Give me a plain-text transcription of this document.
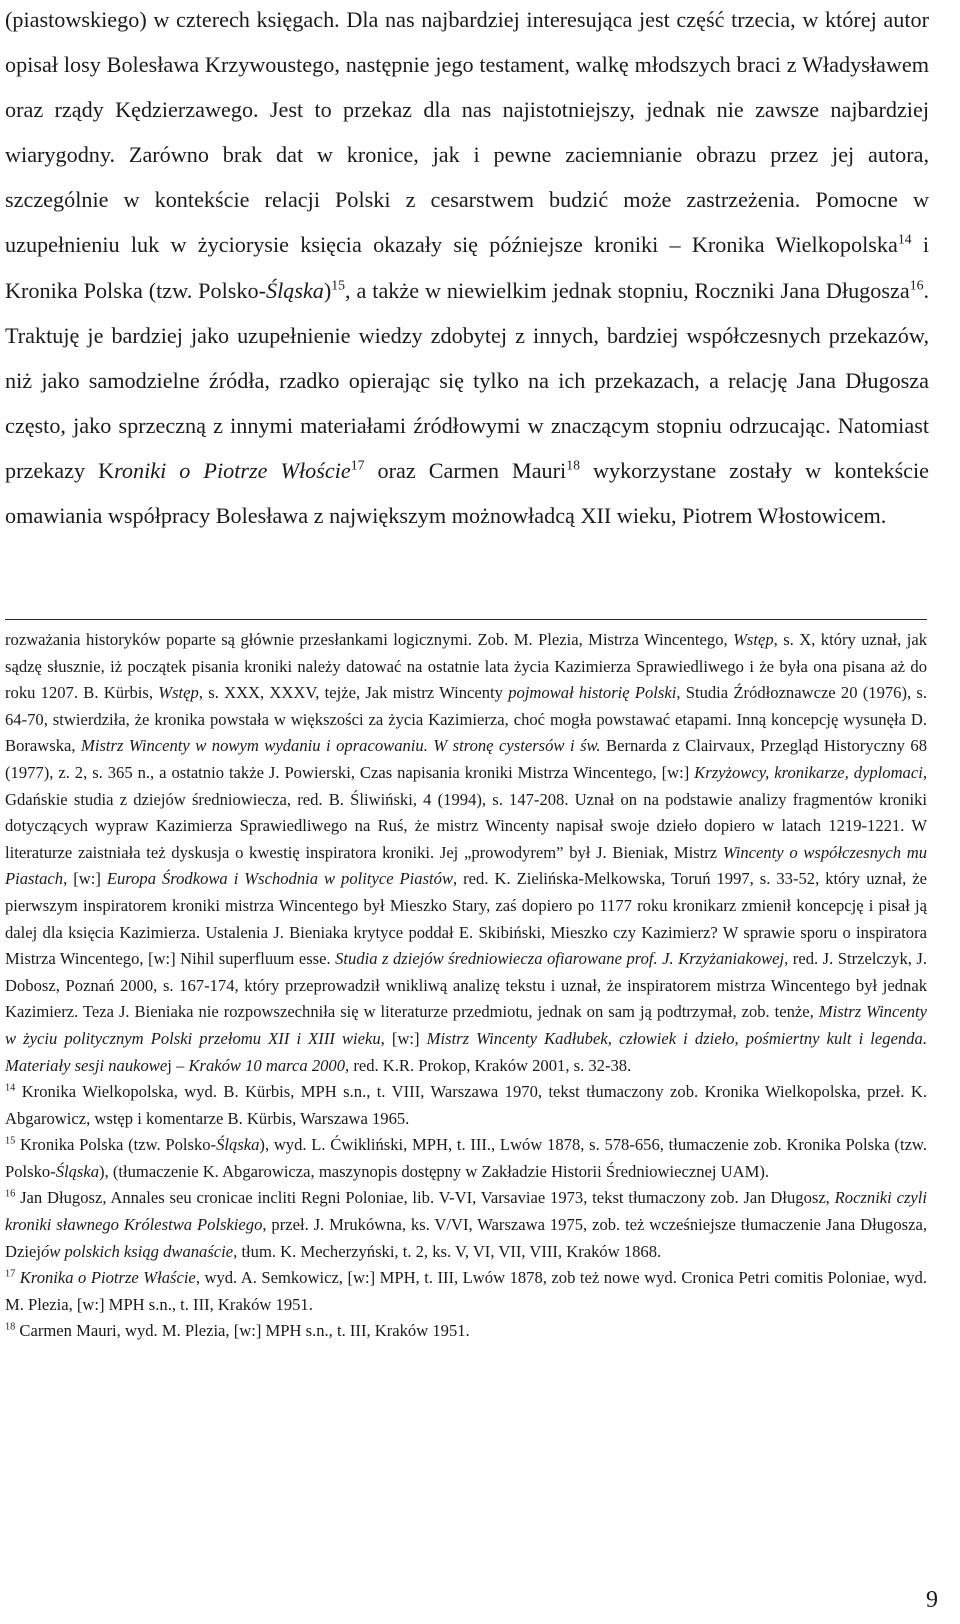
(piastowskiego) w czterech księgach. Dla nas najbardziej interesująca jest część trzecia, w której autor opisał losy Bolesława Krzywoustego, następnie jego testament, walkę młodszych braci z Władysławem oraz rządy Kędzierzawego. Jest to przekaz dla nas najistotniejszy, jednak nie zawsze najbardziej wiarygodny. Zarówno brak dat w kronice, jak i pewne zaciemnianie obrazu przez jej autora, szczególnie w kontekście relacji Polski z cesarstwem budzić może zastrzeżenia. Pomocne w uzupełnieniu luk w życiorysie księcia okazały się późniejsze kroniki – Kronika Wielkopolska$^{14}$ i Kronika Polska (tzw. Polsko-Śląska)$^{15}$, a także w niewielkim jednak stopniu, Roczniki Jana Długosza$^{16}$. Traktuję je bardziej jako uzupełnienie wiedzy zdobytej z innych, bardziej współczesnych przekazów, niż jako samodzielne źródła, rzadko opierając się tylko na ich przekazach, a relację Jana Długosza często, jako sprzeczną z innymi materiałami źródłowymi w znaczącym stopniu odrzucając. Natomiast przekazy Kroniki o Piotrze Włoście$^{17}$ oraz Carmen Mauri$^{18}$ wykorzystane zostały w kontekście omawiania współpracy Bolesława z największym możnowładcą XII wieku, Piotrem Włostowicem.

rozważania historyków poparte są głównie przesłankami logicznymi. Zob. M. Plezia, Mistrza Wincentego, Wstęp, s. X, który uznał, jak sądzę słusznie, iż początek pisania kroniki należy datować na ostatnie lata życia Kazimierza Sprawiedliwego i że była ona pisana aż do roku 1207. B. Kürbis, Wstęp, s. XXX, XXXV, tejże, Jak mistrz Wincenty pojmował historię Polski, Studia Źródłoznawcze 20 (1976), s. 64-70, stwierdziła, że kronika powstała w większości za życia Kazimierza, choć mogła powstawać etapami. Inną koncepcję wysunęła D. Borawska, Mistrz Wincenty w nowym wydaniu i opracowaniu. W stronę cystersów i św. Bernarda z Clairvaux, Przegląd Historyczny 68 (1977), z. 2, s. 365 n., a ostatnio także J. Powierski, Czas napisania kroniki Mistrza Wincentego, [w:] Krzyżowcy, kronikarze, dyplomaci, Gdańskie studia z dziejów średniowiecza, red. B. Śliwiński, 4 (1994), s. 147-208. Uznał on na podstawie analizy fragmentów kroniki dotyczących wypraw Kazimierza Sprawiedliwego na Ruś, że mistrz Wincenty napisał swoje dzieło dopiero w latach 1219-1221. W literaturze zaistniała też dyskusja o kwestię inspiratora kroniki. Jej „prowodyrem” był J. Bieniak, Mistrz Wincenty o współczesnych mu Piastach, [w:] Europa Środkowa i Wschodnia w polityce Piastów, red. K. Zielińska-Melkowska, Toruń 1997, s. 33-52, który uznał, że pierwszym inspiratorem kroniki mistrza Wincentego był Mieszko Stary, zaś dopiero po 1177 roku kronikarz zmienił koncepcję i pisał ją dalej dla księcia Kazimierza. Ustalenia J. Bieniaka krytyce poddał E. Skibiński, Mieszko czy Kazimierz? W sprawie sporu o inspiratora Mistrza Wincentego, [w:] Nihil superfluum esse. Studia z dziejów średniowiecza ofiarowane prof. J. Krzyżaniakowej, red. J. Strzelczyk, J. Dobosz, Poznań 2000, s. 167-174, który przeprowadził wnikliwą analizę tekstu i uznał, że inspiratorem mistrza Wincentego był jednak Kazimierz. Teza J. Bieniaka nie rozpowszechniła się w literaturze przedmiotu, jednak on sam ją podtrzymał, zob. tenże, Mistrz Wincenty w życiu politycznym Polski przełomu XII i XIII wieku, [w:] Mistrz Wincenty Kadłubek, człowiek i dzieło, pośmiertny kult i legenda. Materiały sesji naukowej – Kraków 10 marca 2000, red. K.R. Prokop, Kraków 2001, s. 32-38.

$^{14}$ Kronika Wielkopolska, wyd. B. Kürbis, MPH s.n., t. VIII, Warszawa 1970, tekst tłumaczony zob. Kronika Wielkopolska, przeł. K. Abgarowicz, wstęp i komentarze B. Kürbis, Warszawa 1965.

$^{15}$ Kronika Polska (tzw. Polsko-Śląska), wyd. L. Ćwikliński, MPH, t. III., Lwów 1878, s. 578-656, tłumaczenie zob. Kronika Polska (tzw. Polsko-Śląska), (tłumaczenie K. Abgarowicza, maszynopis dostępny w Zakładzie Historii Średniowiecznej UAM).

$^{16}$ Jan Długosz, Annales seu cronicae incliti Regni Poloniae, lib. V-VI, Varsaviae 1973, tekst tłumaczony zob. Jan Długosz, Roczniki czyli kroniki sławnego Królestwa Polskiego, przeł. J. Mrukówna, ks. V/VI, Warszawa 1975, zob. też wcześniejsze tłumaczenie Jana Długosza, Dziejów polskich ksiąg dwanaście, tłum. K. Mecherzyński, t. 2, ks. V, VI, VII, VIII, Kraków 1868.

$^{17}$ Kronika o Piotrze Właście, wyd. A. Semkowicz, [w:] MPH, t. III, Lwów 1878, zob też nowe wyd. Cronica Petri comitis Poloniae, wyd. M. Plezia, [w:] MPH s.n., t. III, Kraków 1951.

$^{18}$ Carmen Mauri, wyd. M. Plezia, [w:] MPH s.n., t. III, Kraków 1951.

9
